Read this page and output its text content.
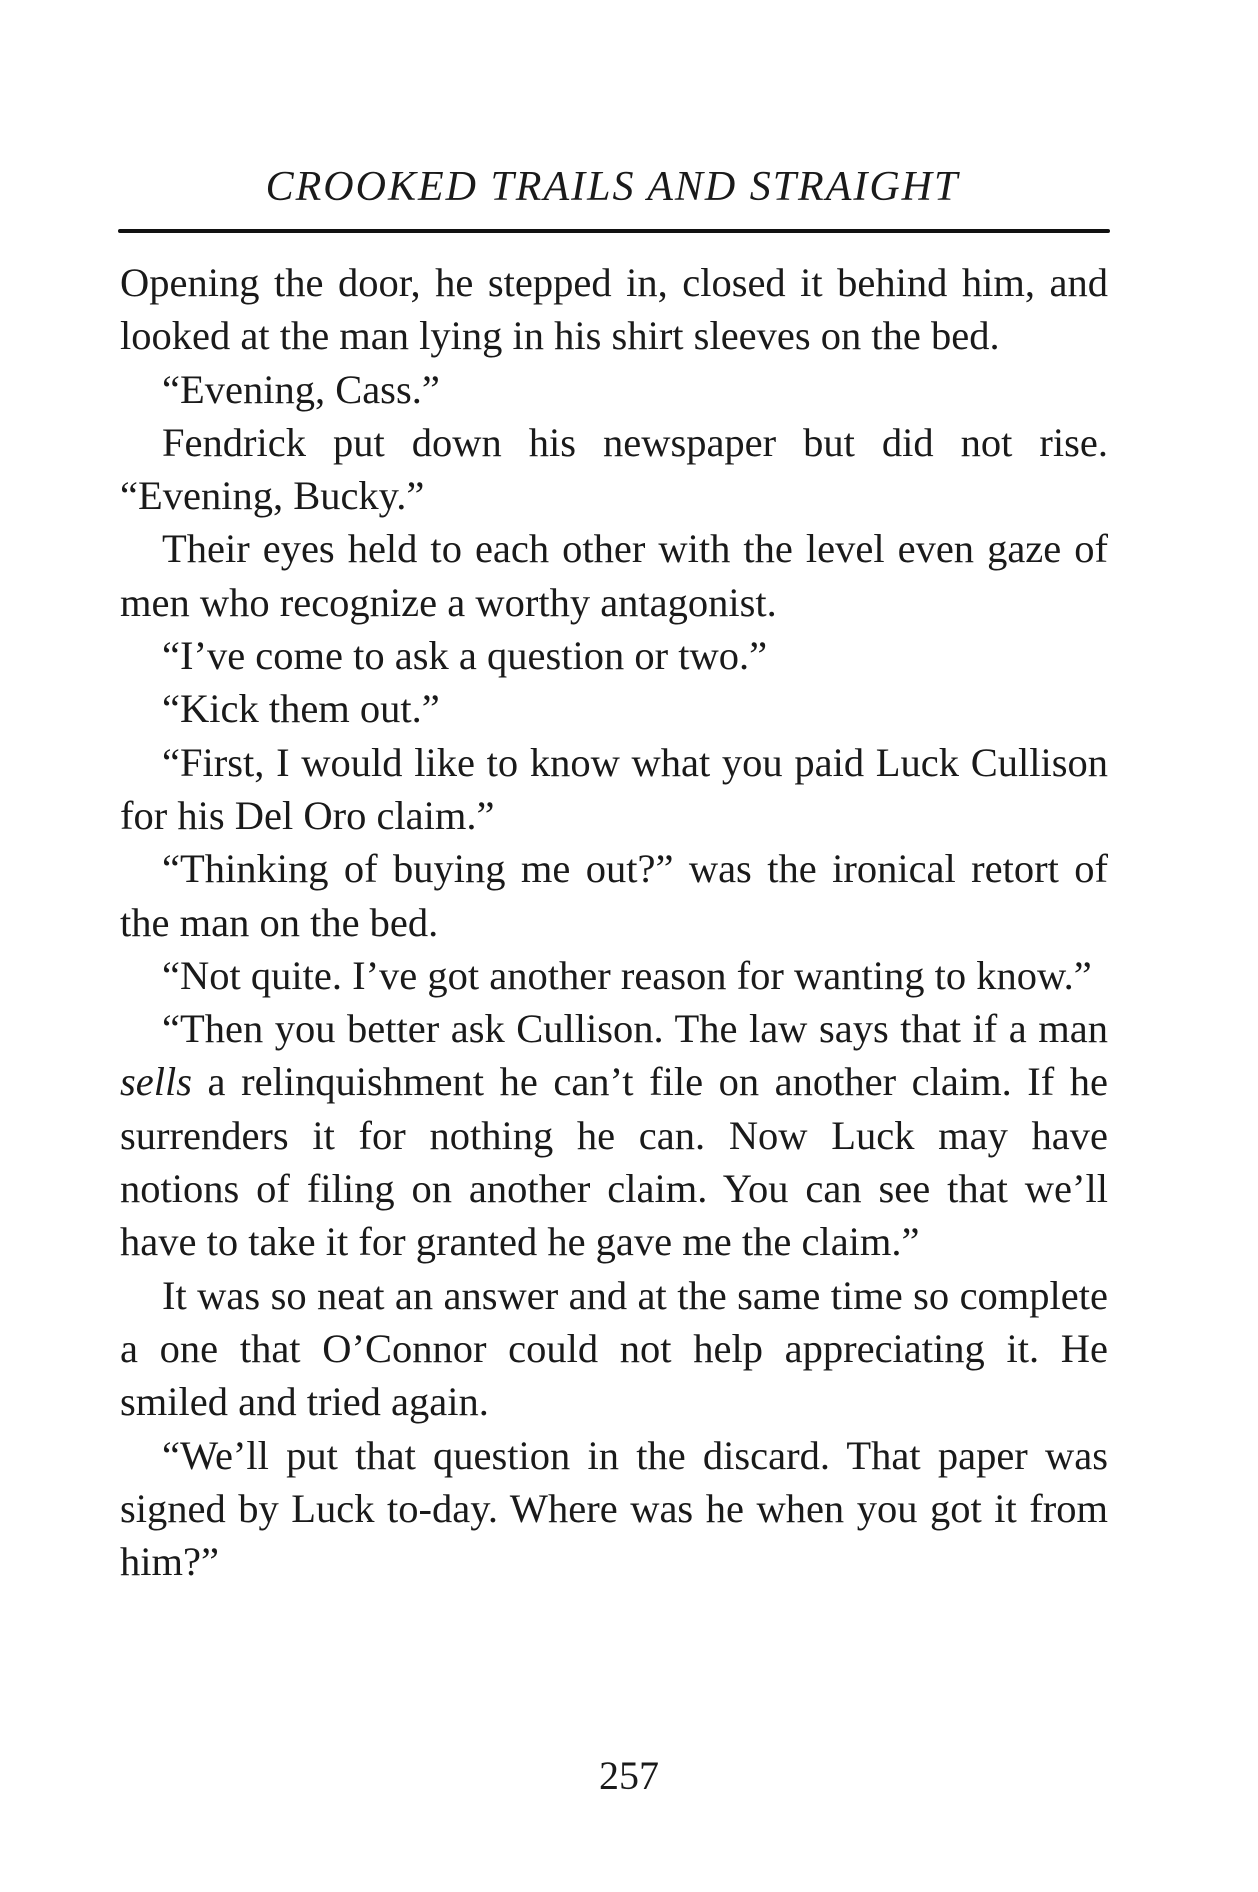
CROOKED TRAILS AND STRAIGHT

Opening the door, he stepped in, closed it behind him, and looked at the man lying in his shirt sleeves on the bed.

“Evening, Cass.”

Fendrick put down his newspaper but did not rise. “Evening, Bucky.”

Their eyes held to each other with the level even gaze of men who recognize a worthy antagonist.

“I’ve come to ask a question or two.”

“Kick them out.”

“First, I would like to know what you paid Luck Cullison for his Del Oro claim.”

“Thinking of buying me out?” was the ironical retort of the man on the bed.

“Not quite. I’ve got another reason for wanting to know.”

“Then you better ask Cullison. The law says that if a man sells a relinquishment he can’t file on another claim. If he surrenders it for nothing he can. Now Luck may have notions of filing on another claim. You can see that we’ll have to take it for granted he gave me the claim.”

It was so neat an answer and at the same time so complete a one that O’Connor could not help appreciating it. He smiled and tried again.

“We’ll put that question in the discard. That paper was signed by Luck to-day. Where was he when you got it from him?”

257
